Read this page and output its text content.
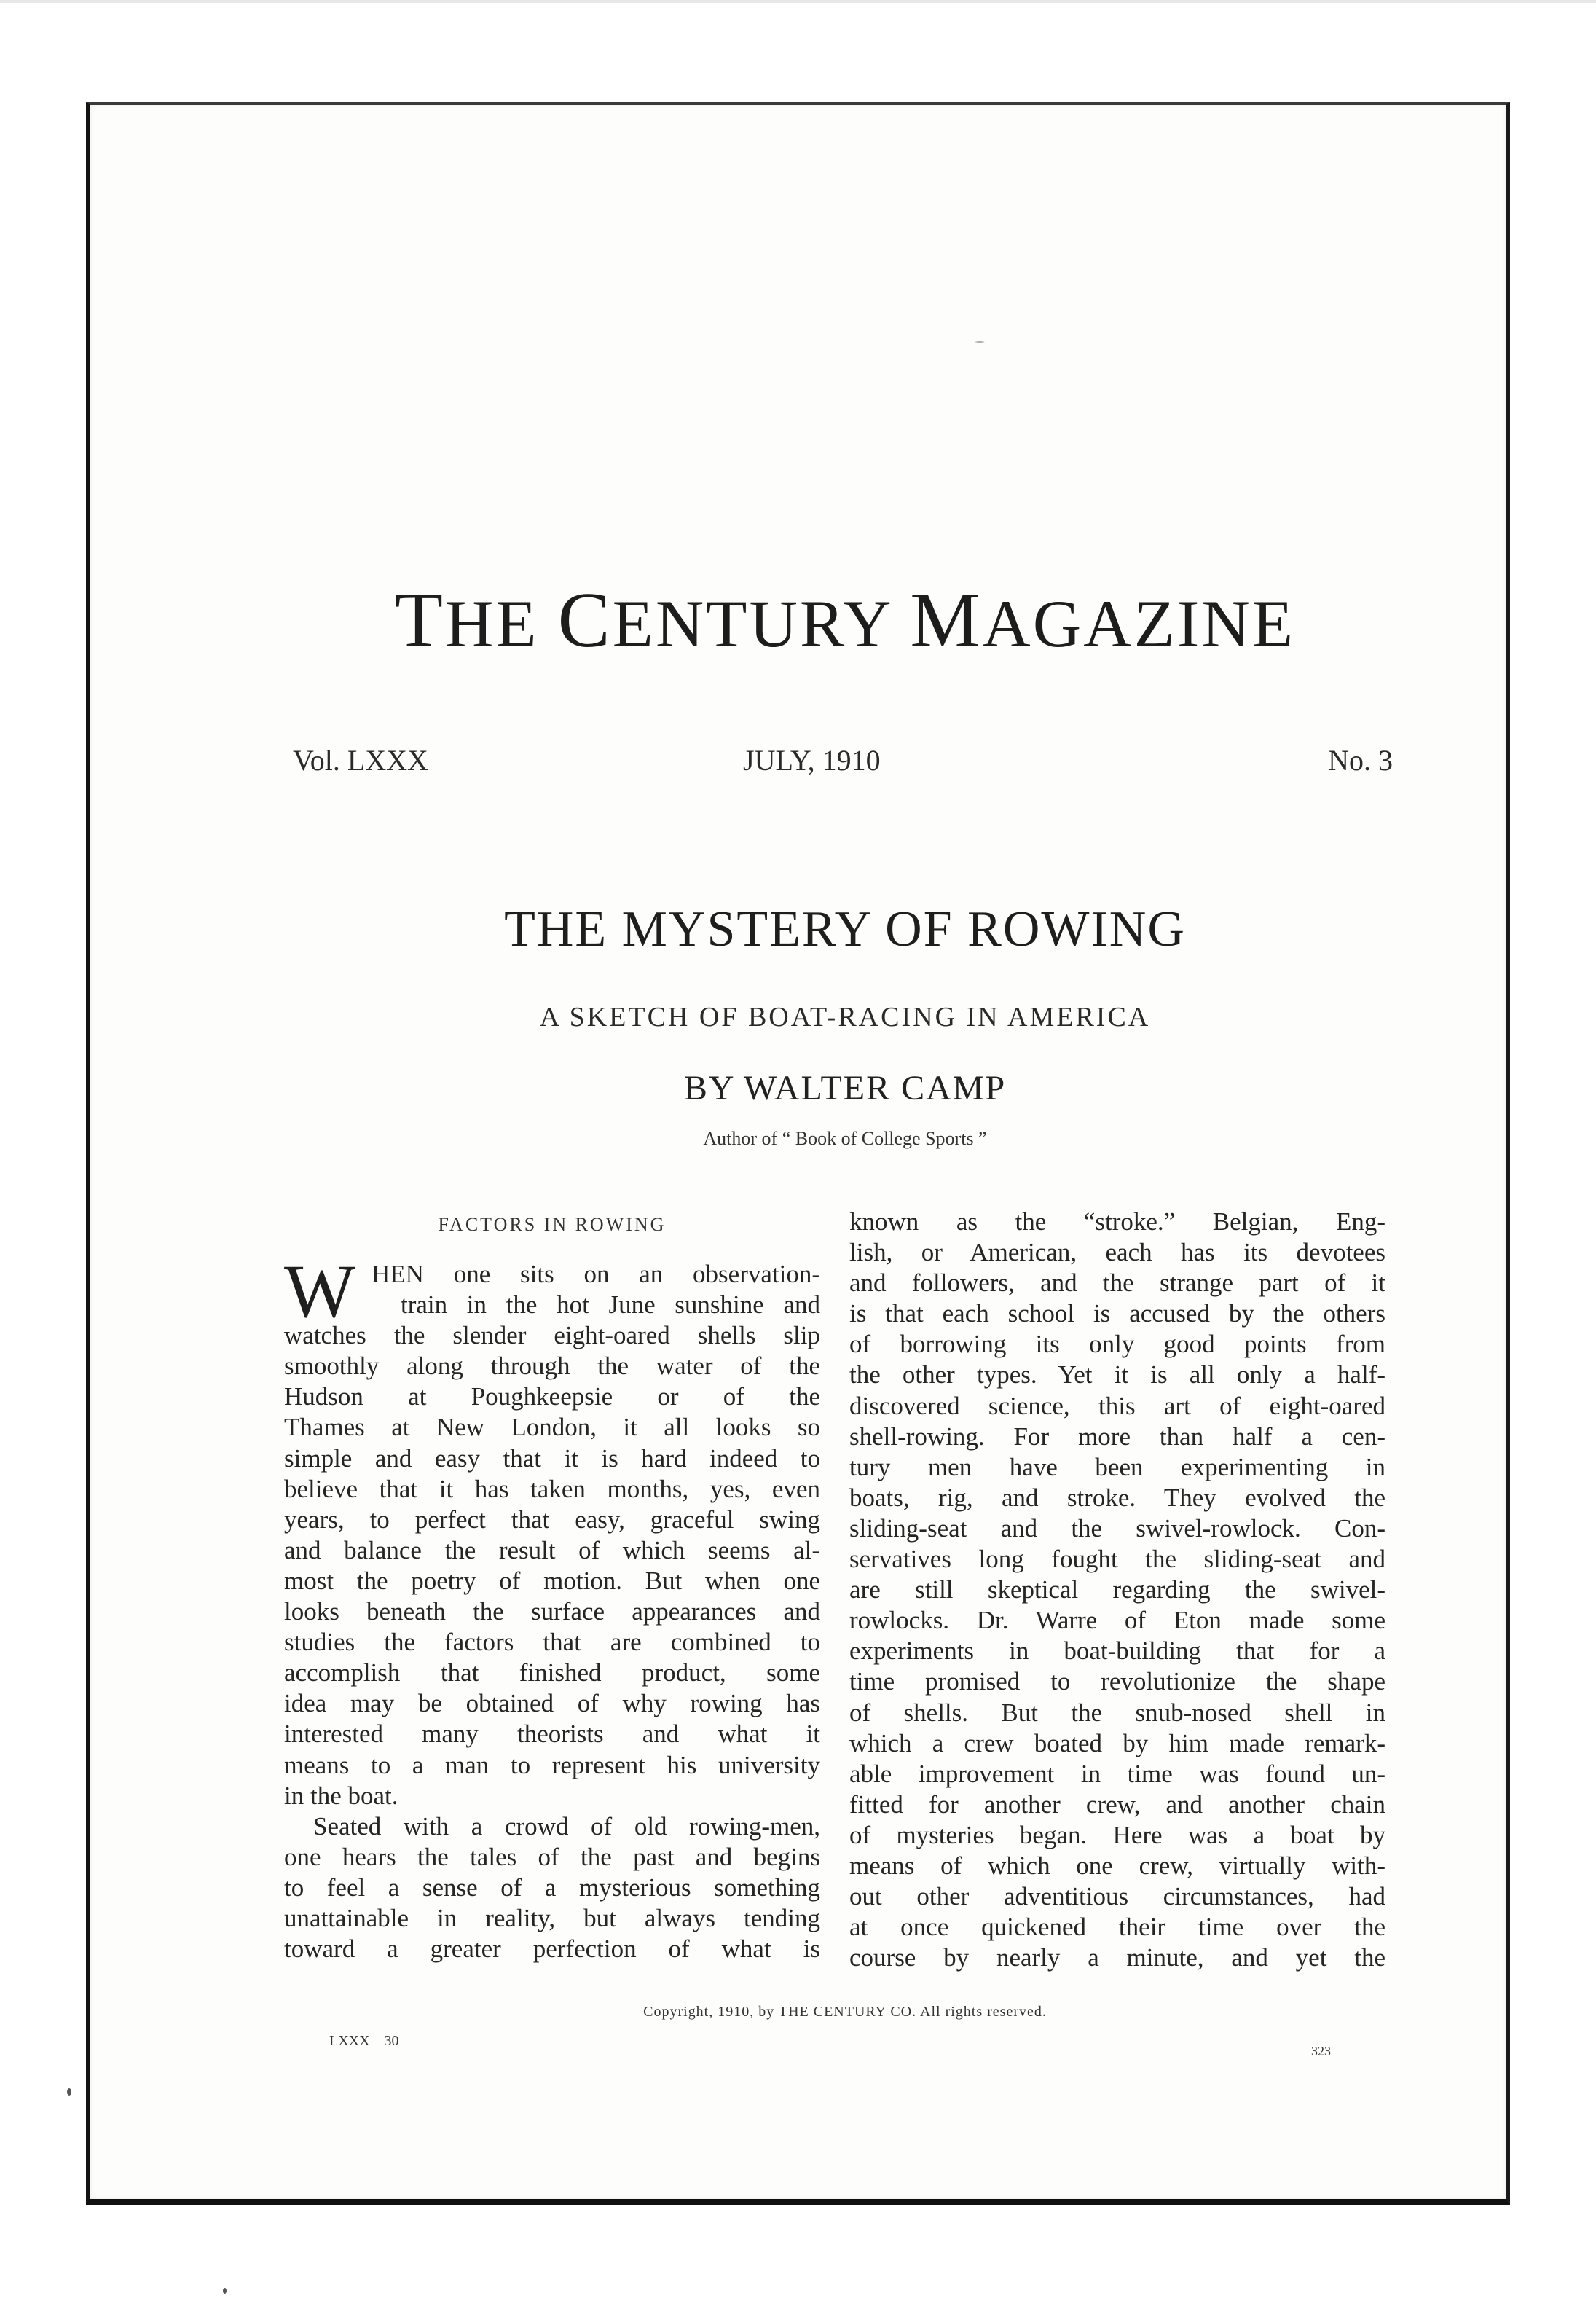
THE CENTURY MAGAZINE
Vol. LXXX	JULY, 1910	No. 3
THE MYSTERY OF ROWING
A SKETCH OF BOAT-RACING IN AMERICA
BY WALTER CAMP
Author of “ Book of College Sports ”
FACTORS IN ROWING
W HEN one sits on an observation-
train in the hot June sunshine and
watches the slender eight-oared shells slip
smoothly along through the water of the
Hudson at Poughkeepsie or of the
Thames at New London, it all looks so
simple and easy that it is hard indeed to
believe that it has taken months, yes, even
years, to perfect that easy, graceful swing
and balance the result of which seems al-
most the poetry of motion. But when one
looks beneath the surface appearances and
studies the factors that are combined to
accomplish that finished product, some
idea may be obtained of why rowing has
interested many theorists and what it
means to a man to represent his university
in the boat.
Seated with a crowd of old rowing-men,
one hears the tales of the past and begins
to feel a sense of a mysterious something
unattainable in reality, but always tending
toward a greater perfection of what is
known as the “stroke.” Belgian, Eng-
lish, or American, each has its devotees
and followers, and the strange part of it
is that each school is accused by the others
of borrowing its only good points from
the other types. Yet it is all only a half-
discovered science, this art of eight-oared
shell-rowing. For more than half a cen-
tury men have been experimenting in
boats, rig, and stroke. They evolved the
sliding-seat and the swivel-rowlock. Con-
servatives long fought the sliding-seat and
are still skeptical regarding the swivel-
rowlocks. Dr. Warre of Eton made some
experiments in boat-building that for a
time promised to revolutionize the shape
of shells. But the snub-nosed shell in
which a crew boated by him made remark-
able improvement in time was found un-
fitted for another crew, and another chain
of mysteries began. Here was a boat by
means of which one crew, virtually with-
out other adventitious circumstances, had
at once quickened their time over the
course by nearly a minute, and yet the
Copyright, 1910, by THE CENTURY CO. All rights reserved.
LXXX—30
323
